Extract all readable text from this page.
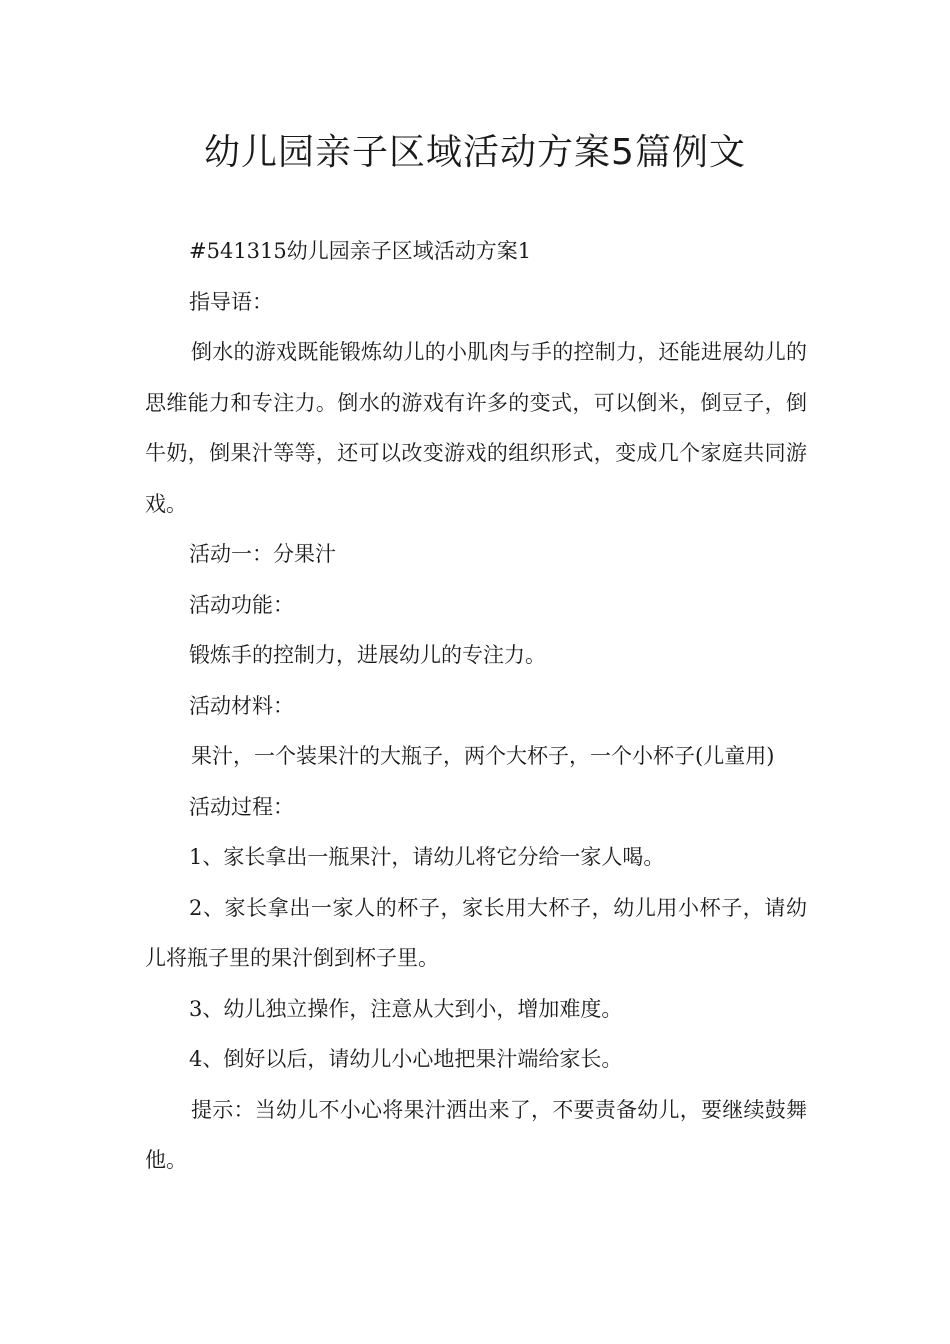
幼儿园亲子区域活动方案5篇例文

#541315幼儿园亲子区域活动方案1

指导语：

倒水的游戏既能锻炼幼儿的小肌肉与手的控制力，还能进展幼儿的思维能力和专注力。倒水的游戏有许多的变式，可以倒米，倒豆子，倒牛奶，倒果汁等等，还可以改变游戏的组织形式，变成几个家庭共同游戏。

活动一：分果汁

活动功能：

锻炼手的控制力，进展幼儿的专注力。

活动材料：

果汁，一个装果汁的大瓶子，两个大杯子，一个小杯子(儿童用)

活动过程：

1、家长拿出一瓶果汁，请幼儿将它分给一家人喝。

2、家长拿出一家人的杯子，家长用大杯子，幼儿用小杯子，请幼儿将瓶子里的果汁倒到杯子里。

3、幼儿独立操作，注意从大到小，增加难度。

4、倒好以后，请幼儿小心地把果汁端给家长。

提示：当幼儿不小心将果汁洒出来了，不要责备幼儿，要继续鼓舞他。
